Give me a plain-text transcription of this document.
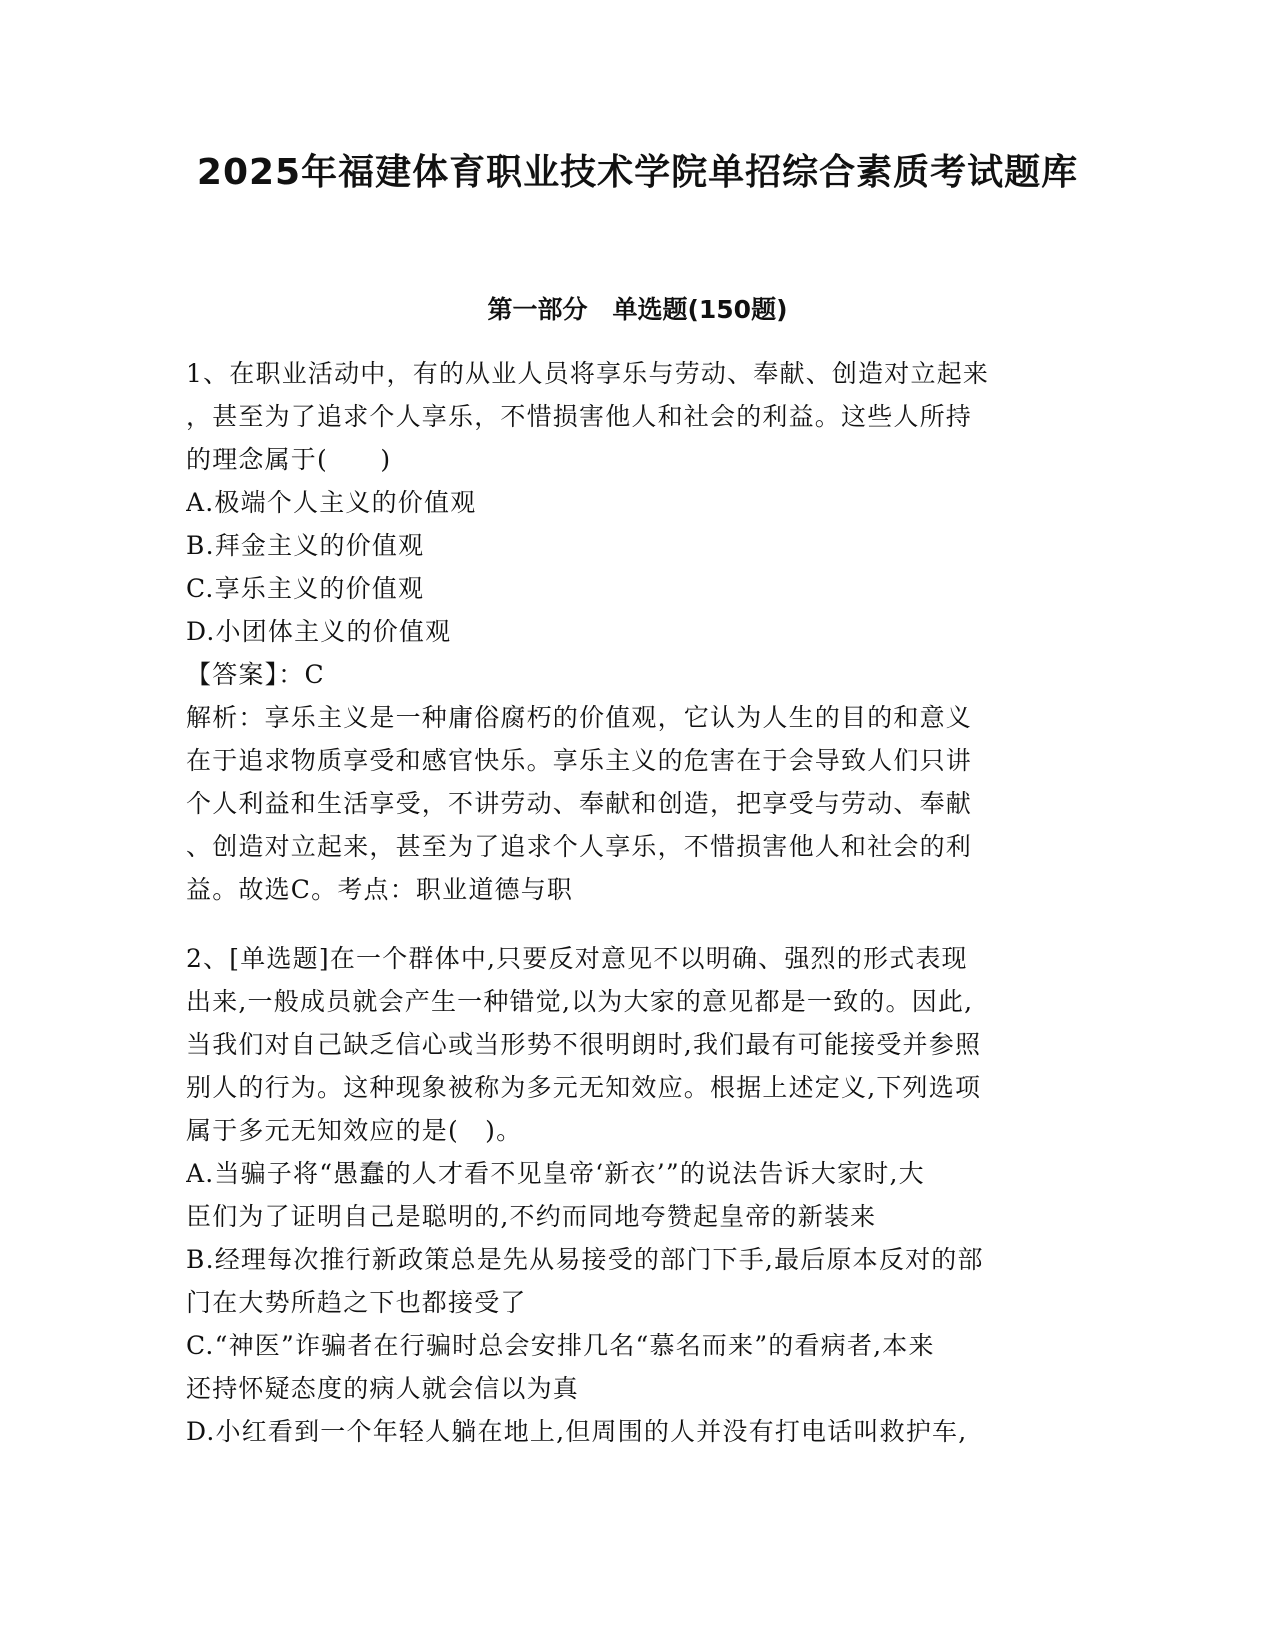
2025年福建体育职业技术学院单招综合素质考试题库
第一部分　单选题(150题)
1、在职业活动中，有的从业人员将享乐与劳动、奉献、创造对立起来
，甚至为了追求个人享乐，不惜损害他人和社会的利益。这些人所持
的理念属于(　　)
A.极端个人主义的价值观
B.拜金主义的价值观
C.享乐主义的价值观
D.小团体主义的价值观
【答案】：C
解析：享乐主义是一种庸俗腐朽的价值观，它认为人生的目的和意义
在于追求物质享受和感官快乐。享乐主义的危害在于会导致人们只讲
个人利益和生活享受，不讲劳动、奉献和创造，把享受与劳动、奉献
、创造对立起来，甚至为了追求个人享乐，不惜损害他人和社会的利
益。故选C。考点：职业道德与职
2、[单选题]在一个群体中,只要反对意见不以明确、强烈的形式表现
出来,一般成员就会产生一种错觉,以为大家的意见都是一致的。因此,
当我们对自己缺乏信心或当形势不很明朗时,我们最有可能接受并参照
别人的行为。这种现象被称为多元无知效应。根据上述定义,下列选项
属于多元无知效应的是(　)。
A.当骗子将“愚蠢的人才看不见皇帝‘新衣’”的说法告诉大家时,大
臣们为了证明自己是聪明的,不约而同地夸赞起皇帝的新装来
B.经理每次推行新政策总是先从易接受的部门下手,最后原本反对的部
门在大势所趋之下也都接受了
C.“神医”诈骗者在行骗时总会安排几名“慕名而来”的看病者,本来
还持怀疑态度的病人就会信以为真
D.小红看到一个年轻人躺在地上,但周围的人并没有打电话叫救护车,
